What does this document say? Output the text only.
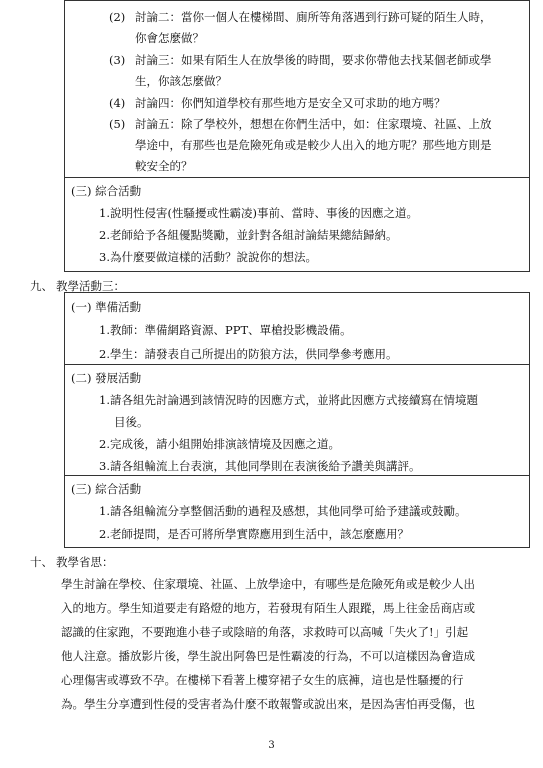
(2) 討論二：當你一個人在樓梯間、廁所等角落遇到行跡可疑的陌生人時，
你會怎麼做？
(3) 討論三：如果有陌生人在放學後的時間，要求你帶他去找某個老師或學
生，你該怎麼做？
(4) 討論四：你們知道學校有那些地方是安全又可求助的地方嗎？
(5) 討論五：除了學校外，想想在你們生活中，如：住家環境、社區、上放
學途中，有那些也是危險死角或是較少人出入的地方呢？那些地方則是
較安全的？
(三) 綜合活動
1.說明性侵害(性騷擾或性霸凌)事前、當時、事後的因應之道。
2.老師給予各組優點獎勵，並針對各組討論結果總結歸納。
3.為什麼要做這樣的活動？說說你的想法。
九、 教學活動三：
(一) 準備活動
1.教師：準備網路資源、PPT、單槍投影機設備。
2.學生：請發表自己所提出的防狼方法，供同學參考應用。
(二) 發展活動
1.請各組先討論遇到該情況時的因應方式，並將此因應方式接續寫在情境題
目後。
2.完成後，請小組開始排演該情境及因應之道。
3.請各組輪流上台表演，其他同學則在表演後給予讚美與講評。
(三) 綜合活動
1.請各組輪流分享整個活動的過程及感想，其他同學可給予建議或鼓勵。
2.老師提問，是否可將所學實際應用到生活中，該怎麼應用？
十、 教學省思：
學生討論在學校、住家環境、社區、上放學途中，有哪些是危險死角或是較少人出
入的地方。學生知道要走有路燈的地方，若發現有陌生人跟蹤，馬上往金岳商店或
認識的住家跑，不要跑進小巷子或陰暗的角落，求救時可以高喊「失火了!」引起
他人注意。播放影片後，學生說出阿魯巴是性霸凌的行為，不可以這樣因為會造成
心理傷害或導致不孕。在樓梯下看著上樓穿裙子女生的底褲，這也是性騷擾的行
為。學生分享遭到性侵的受害者為什麼不敢報警或說出來，是因為害怕再受傷，也
3
